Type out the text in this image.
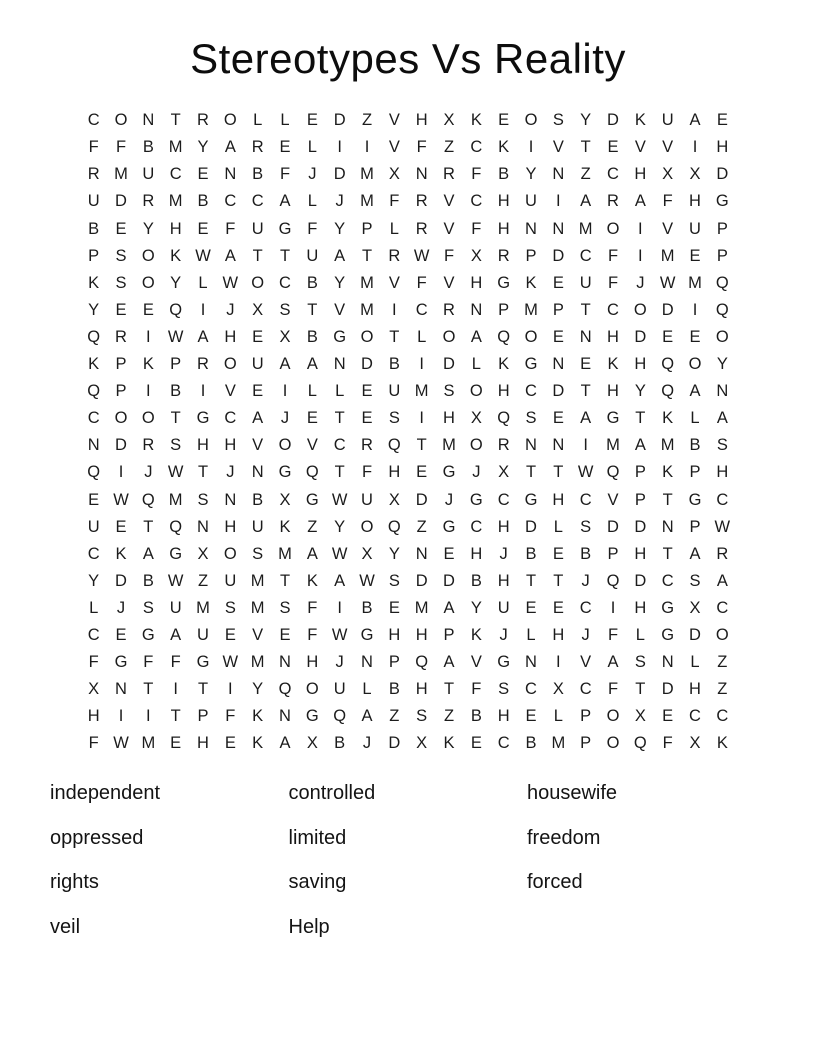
Stereotypes Vs Reality
C O N T R O L	L	E D Z	V H X K E O S Y D K U A E
F	F	B M Y A R E	L	I	I	V	F	Z C K	I	V	T	E V V	I	H
R M U C E N B	F	J	D M X N R F	B Y N Z C H X X D
U D R M B C C A	L	J M F R V C H U	I	A R A	F H G
B E Y H E	F U G F	Y P	L	R V	F H N N M O	I	V U P
P S O K W A	T	T U A	T R W F	X R P D C F	I	M E P
K S O Y	L W O C B Y M V	F	V H G K E U F	J W M Q
Y E E Q	I	J	X S	T	V M	I	C R N P M P	T C O D	I	Q
Q R	I	W A H E X B G O T	L O A Q O E N H D E E O
K P K P R O U A A N D B	I	D	L	K G N E K H Q O Y
Q P	I	B	I	V E	I	L	L	E U M S O H C D T H Y Q A N
C O O T G C A	J	E	T	E S	I	H X Q S E A G T	K	L	A
N D R S H H V O V C R Q T M O R N N	I	M A M B S
Q	I	J W T	J	N G Q T	F H E G	J	X	T	T W Q P K P H
E W Q M S N B X G W U X D	J	G C G H C V P	T G C
U E	T Q N H U K	Z	Y O Q Z G C H D	L	S D D N P W
C K A G X O S M A W X Y N E H	J	B E B P H T	A R
Y D B W Z U M T	K A W S D D B H T	T	J	Q D C S A
L	J	S U M S M S	F	I	B E M A Y U E E C	I	H G X C
C E G A U E V E	F W G H H P K	J	L	H	J	F	L G D O
F G F	F G W M N H	J	N P Q A V G N	I	V A S N	L	Z
X N T	I	T	I	Y Q O U	L	B H T	F	S C X C F	T D H Z
H	I	I	T	P	F	K N G Q A	Z	S	Z	B H E	L	P O X E C C
F W M E H E K A X B	J	D X K E C B M P O Q F	X K
independent
oppressed
rights
veil
controlled
limited
saving
Help
housewife
freedom
forced
